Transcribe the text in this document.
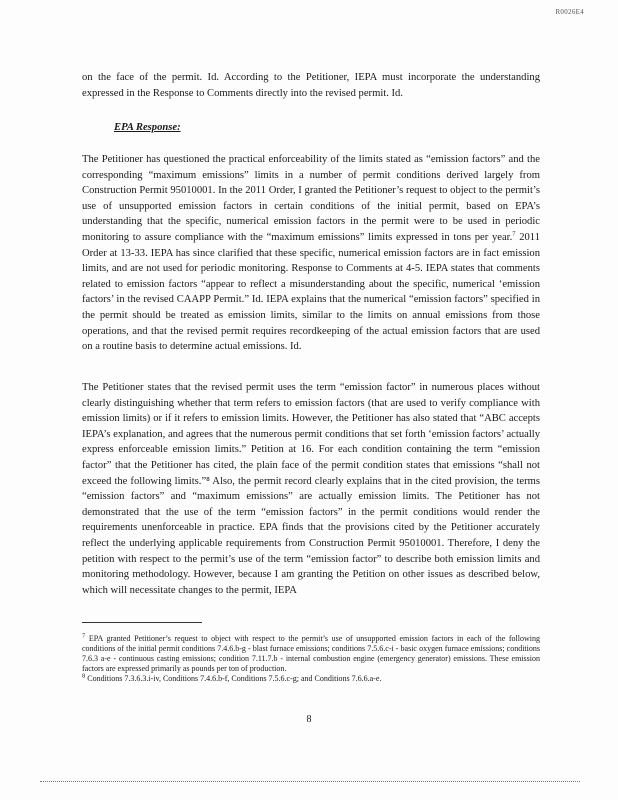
R0026E4

on the face of the permit. Id. According to the Petitioner, IEPA must incorporate the understanding expressed in the Response to Comments directly into the revised permit. Id.

EPA Response:

The Petitioner has questioned the practical enforceability of the limits stated as “emission factors” and the corresponding “maximum emissions” limits in a number of permit conditions derived largely from Construction Permit 95010001. In the 2011 Order, I granted the Petitioner’s request to object to the permit’s use of unsupported emission factors in certain conditions of the initial permit, based on EPA’s understanding that the specific, numerical emission factors in the permit were to be used in periodic monitoring to assure compliance with the “maximum emissions” limits expressed in tons per year.$^7$ 2011 Order at 13-33. IEPA has since clarified that these specific, numerical emission factors are in fact emission limits, and are not used for periodic monitoring. Response to Comments at 4-5. IEPA states that comments related to emission factors “appear to reflect a misunderstanding about the specific, numerical ‘emission factors’ in the revised CAAPP Permit.” Id. IEPA explains that the numerical “emission factors” specified in the permit should be treated as emission limits, similar to the limits on annual emissions from those operations, and that the revised permit requires recordkeeping of the actual emission factors that are used on a routine basis to determine actual emissions. Id.

The Petitioner states that the revised permit uses the term “emission factor” in numerous places without clearly distinguishing whether that term refers to emission factors (that are used to verify compliance with emission limits) or if it refers to emission limits. However, the Petitioner has also stated that “ABC accepts IEPA’s explanation, and agrees that the numerous permit conditions that set forth ‘emission factors’ actually express enforceable emission limits.” Petition at 16. For each condition containing the term “emission factor” that the Petitioner has cited, the plain face of the permit condition states that emissions “shall not exceed the following limits.”⁸ Also, the permit record clearly explains that in the cited provision, the terms “emission factors” and “maximum emissions” are actually emission limits. The Petitioner has not demonstrated that the use of the term “emission factors” in the permit conditions would render the requirements unenforceable in practice. EPA finds that the provisions cited by the Petitioner accurately reflect the underlying applicable requirements from Construction Permit 95010001. Therefore, I deny the petition with respect to the permit’s use of the term “emission factor” to describe both emission limits and monitoring methodology. However, because I am granting the Petition on other issues as described below, which will necessitate changes to the permit, IEPA

$^7$ EPA granted Petitioner’s request to object with respect to the permit’s use of unsupported emission factors in each of the following conditions of the initial permit conditions 7.4.6.b-g - blast furnace emissions; conditions 7.5.6.c-i - basic oxygen furnace emissions; conditions 7.6.3 a-e - continuous casting emissions; condition 7.11.7.b - internal combustion engine (emergency generator) emissions. These emission factors are expressed primarily as pounds per ton of production.

$^8$ Conditions 7.3.6.3.i-iv, Conditions 7.4.6.b-f, Conditions 7.5.6.c-g; and Conditions 7.6.6.a-e.

8
